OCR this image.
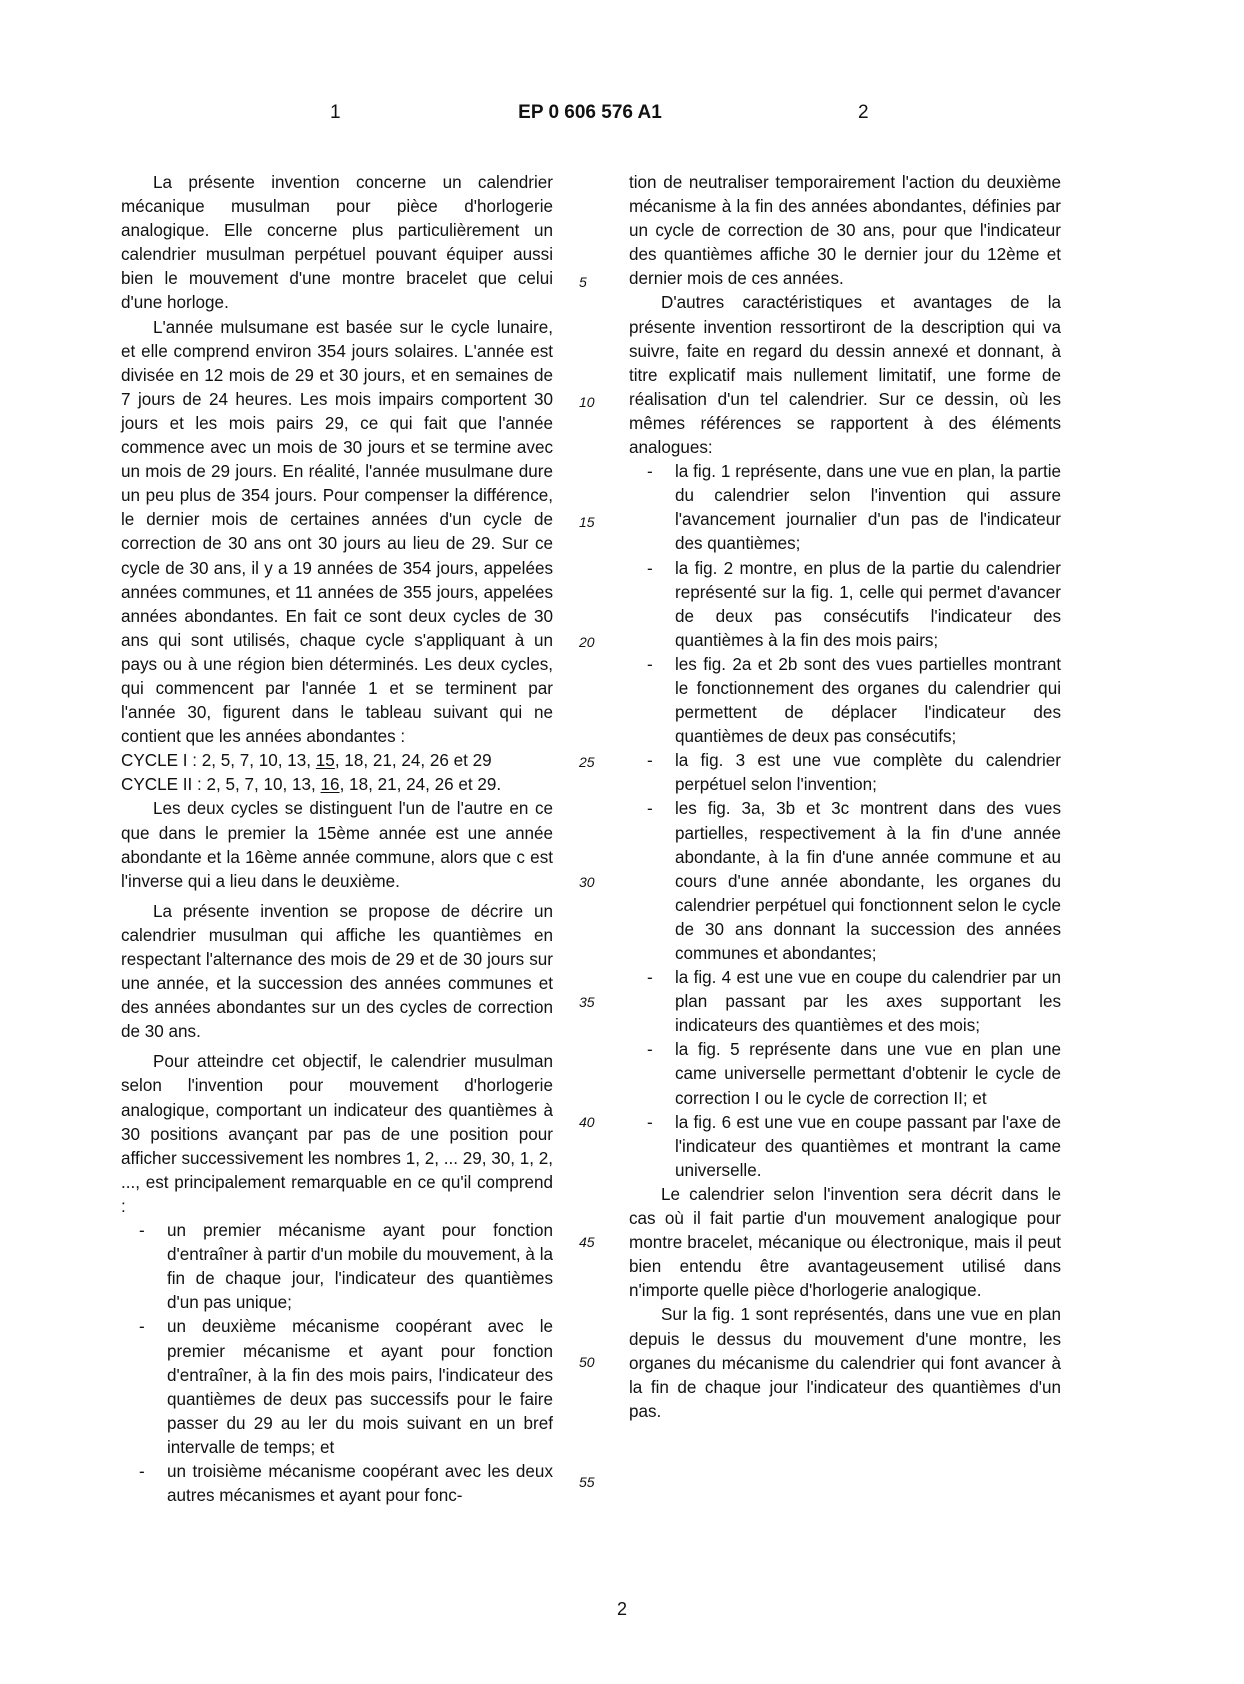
1	EP 0 606 576 A1	2

La présente invention concerne un calendrier mécanique musulman pour pièce d'horlogerie analogique. Elle concerne plus particulièrement un calendrier musulman perpétuel pouvant équiper aussi bien le mouvement d'une montre bracelet que celui d'une horloge.

L'année mulsumane est basée sur le cycle lunaire, et elle comprend environ 354 jours solaires. L'année est divisée en 12 mois de 29 et 30 jours, et en semaines de 7 jours de 24 heures. Les mois impairs comportent 30 jours et les mois pairs 29, ce qui fait que l'année commence avec un mois de 30 jours et se termine avec un mois de 29 jours. En réalité, l'année musulmane dure un peu plus de 354 jours. Pour compenser la différence, le dernier mois de certaines années d'un cycle de correction de 30 ans ont 30 jours au lieu de 29. Sur ce cycle de 30 ans, il y a 19 années de 354 jours, appelées années communes, et 11 années de 355 jours, appelées années abondantes. En fait ce sont deux cycles de 30 ans qui sont utilisés, chaque cycle s'appliquant à un pays ou à une région bien déterminés. Les deux cycles, qui commencent par l'année 1 et se terminent par l'année 30, figurent dans le tableau suivant qui ne contient que les années abondantes :

CYCLE I : 2, 5, 7, 10, 13, 15, 18, 21, 24, 26 et 29

CYCLE II : 2, 5, 7, 10, 13, 16, 18, 21, 24, 26 et 29.

Les deux cycles se distinguent l'un de l'autre en ce que dans le premier la 15ème année est une année abondante et la 16ème année commune, alors que c est l'inverse qui a lieu dans le deuxième.

La présente invention se propose de décrire un calendrier musulman qui affiche les quantièmes en respectant l'alternance des mois de 29 et de 30 jours sur une année, et la succession des années communes et des années abondantes sur un des cycles de correction de 30 ans.

Pour atteindre cet objectif, le calendrier musulman selon l'invention pour mouvement d'horlogerie analogique, comportant un indicateur des quantièmes à 30 positions avançant par pas de une position pour afficher successivement les nombres 1, 2, ... 29, 30, 1, 2, ..., est principalement remarquable en ce qu'il comprend :

- un premier mécanisme ayant pour fonction d'entraîner à partir d'un mobile du mouvement, à la fin de chaque jour, l'indicateur des quantièmes d'un pas unique;
- un deuxième mécanisme coopérant avec le premier mécanisme et ayant pour fonction d'entraîner, à la fin des mois pairs, l'indicateur des quantièmes de deux pas successifs pour le faire passer du 29 au ler du mois suivant en un bref intervalle de temps; et
- un troisième mécanisme coopérant avec les deux autres mécanismes et ayant pour fonc-

tion de neutraliser temporairement l'action du deuxième mécanisme à la fin des années abondantes, définies par un cycle de correction de 30 ans, pour que l'indicateur des quantièmes affiche 30 le dernier jour du 12ème et dernier mois de ces années.

D'autres caractéristiques et avantages de la présente invention ressortiront de la description qui va suivre, faite en regard du dessin annexé et donnant, à titre explicatif mais nullement limitatif, une forme de réalisation d'un tel calendrier. Sur ce dessin, où les mêmes références se rapportent à des éléments analogues:

- la fig. 1 représente, dans une vue en plan, la partie du calendrier selon l'invention qui assure l'avancement journalier d'un pas de l'indicateur des quantièmes;
- la fig. 2 montre, en plus de la partie du calendrier représenté sur la fig. 1, celle qui permet d'avancer de deux pas consécutifs l'indicateur des quantièmes à la fin des mois pairs;
- les fig. 2a et 2b sont des vues partielles montrant le fonctionnement des organes du calendrier qui permettent de déplacer l'indicateur des quantièmes de deux pas consécutifs;
- la fig. 3 est une vue complète du calendrier perpétuel selon l'invention;
- les fig. 3a, 3b et 3c montrent dans des vues partielles, respectivement à la fin d'une année abondante, à la fin d'une année commune et au cours d'une année abondante, les organes du calendrier perpétuel qui fonctionnent selon le cycle de 30 ans donnant la succession des années communes et abondantes;
- la fig. 4 est une vue en coupe du calendrier par un plan passant par les axes supportant les indicateurs des quantièmes et des mois;
- la fig. 5 représente dans une vue en plan une came universelle permettant d'obtenir le cycle de correction I ou le cycle de correction II; et
- la fig. 6 est une vue en coupe passant par l'axe de l'indicateur des quantièmes et montrant la came universelle.

Le calendrier selon l'invention sera décrit dans le cas où il fait partie d'un mouvement analogique pour montre bracelet, mécanique ou électronique, mais il peut bien entendu être avantageusement utilisé dans n'importe quelle pièce d'horlogerie analogique.

Sur la fig. 1 sont représentés, dans une vue en plan depuis le dessus du mouvement d'une montre, les organes du mécanisme du calendrier qui font avancer à la fin de chaque jour l'indicateur des quantièmes d'un pas.

5
10
15
20
25
30
35
40
45
50
55
2
